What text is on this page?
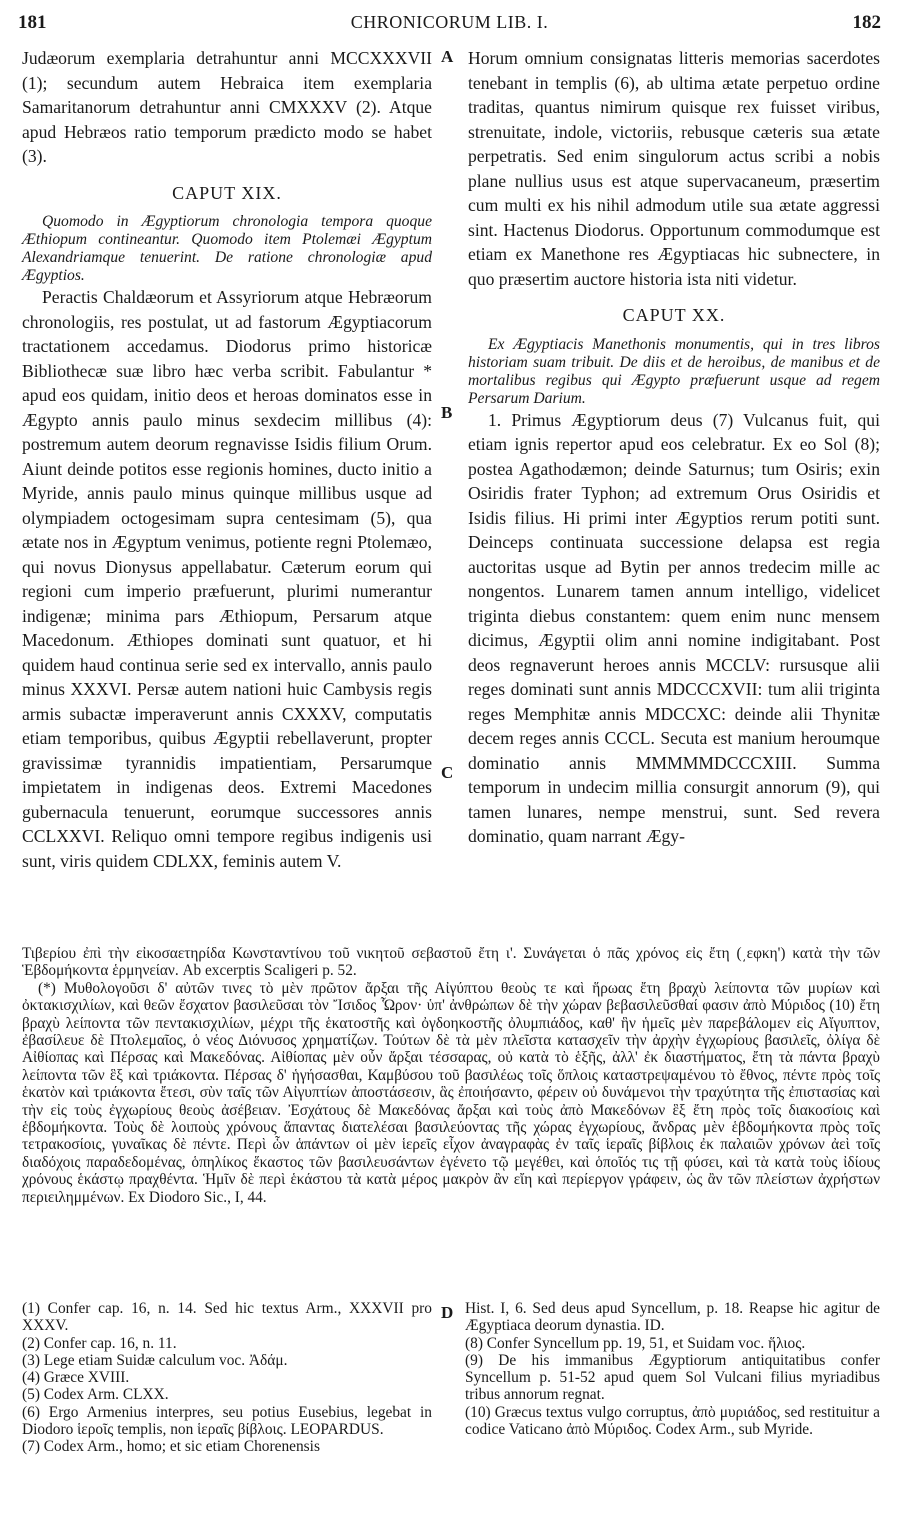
181	CHRONICORUM LIB. I.	182

Judæorum exemplaria detrahuntur anni MCCXXXVII (1); secundum autem Hebraica item exemplaria Samaritanorum detrahuntur anni CMXXXV (2). Atque apud Hebræos ratio temporum prædicto modo se habet (3).

CAPUT XIX.

Quomodo in Ægyptiorum chronologia tempora quoque Æthiopum contineantur. Quomodo item Ptolemæi Ægyptum Alexandriamque tenuerint. De ratione chronologiæ apud Ægyptios.

Peractis Chaldæorum et Assyriorum atque Hebræorum chronologiis, res postulat, ut ad fastorum Ægyptiacorum tractationem accedamus. Diodorus primo historicæ Bibliothecæ suæ libro hæc verba scribit. Fabulantur * apud eos quidam, initio deos et heroas dominatos esse in Ægypto annis paulo minus sexdecim millibus (4): postremum autem deorum regnavisse Isidis filium Orum. Aiunt deinde potitos esse regionis homines, ducto initio a Myride, annis paulo minus quinque millibus usque ad olympiadem octogesimam supra centesimam (5), qua ætate nos in Ægyptum venimus, potiente regni Ptolemæo, qui novus Dionysus appellabatur. Cæterum eorum qui regioni cum imperio præfuerunt, plurimi numerantur indigenæ; minima pars Æthiopum, Persarum atque Macedonum. Æthiopes dominati sunt quatuor, et hi quidem haud continua serie sed ex intervallo, annis paulo minus XXXVI. Persæ autem nationi huic Cambysis regis armis subactæ imperaverunt annis CXXXV, computatis etiam temporibus, quibus Ægyptii rebellaverunt, propter gravissimæ tyrannidis impatientiam, Persarumque impietatem in indigenas deos. Extremi Macedones gubernacula tenuerunt, eorumque successores annis CCLXXVI. Reliquo omni tempore regibus indigenis usi sunt, viris quidem CDLXX, feminis autem V.

A
B
C
D

Horum omnium consignatas litteris memorias sacerdotes tenebant in templis (6), ab ultima ætate perpetuo ordine traditas, quantus nimirum quisque rex fuisset viribus, strenuitate, indole, victoriis, rebusque cæteris sua ætate perpetratis. Sed enim singulorum actus scribi a nobis plane nullius usus est atque supervacaneum, præsertim cum multi ex his nihil admodum utile sua ætate aggressi sint. Hactenus Diodorus. Opportunum commodumque est etiam ex Manethone res Ægyptiacas hic subnectere, in quo præsertim auctore historia ista niti videtur.

CAPUT XX.

Ex Ægyptiacis Manethonis monumentis, qui in tres libros historiam suam tribuit. De diis et de heroibus, de manibus et de mortalibus regibus qui Ægypto præfuerunt usque ad regem Persarum Darium.

1. Primus Ægyptiorum deus (7) Vulcanus fuit, qui etiam ignis repertor apud eos celebratur. Ex eo Sol (8); postea Agathodæmon; deinde Saturnus; tum Osiris; exin Osiridis frater Typhon; ad extremum Orus Osiridis et Isidis filius. Hi primi inter Ægyptios rerum potiti sunt. Deinceps continuata successione delapsa est regia auctoritas usque ad Bytin per annos tredecim mille ac nongentos. Lunarem tamen annum intelligo, videlicet triginta diebus constantem: quem enim nunc mensem dicimus, Ægyptii olim anni nomine indigitabant. Post deos regnaverunt heroes annis MCCLV: rursusque alii reges dominati sunt annis MDCCCXVII: tum alii triginta reges Memphitæ annis MDCCXC: deinde alii Thynitæ decem reges annis CCCL. Secuta est manium heroumque dominatio annis MMMMMDCCCXIII. Summa temporum in undecim millia consurgit annorum (9), qui tamen lunares, nempe menstrui, sunt. Sed revera dominatio, quam narrant Ægy-

Τιβερίου ἐπὶ τὴν εἰκοσαετηρίδα Κωνσταντίνου τοῦ νικητοῦ σεβαστοῦ ἔτη ι'. Συνάγεται ὁ πᾶς χρόνος εἰς ἔτη (͵εφκη') κατὰ τὴν τῶν Ἑβδομήκοντα ἑρμηνείαν. Ab excerptis Scaligeri p. 52.

(*) Μυθολογοῦσι δ' αὐτῶν τινες τὸ μὲν πρῶτον ἄρξαι τῆς Αἰγύπτου θεοὺς τε καὶ ἥρωας ἔτη βραχὺ λείποντα τῶν μυρίων καὶ ὀκτακισχιλίων, καὶ θεῶν ἔσχατον βασιλεῦσαι τὸν Ἴσιδος Ὧρον· ὑπ' ἀνθρώπων δὲ τὴν χώραν βεβασιλεῦσθαί φασιν ἀπὸ Μύριδος (10) ἔτη βραχὺ λείποντα τῶν πεντακισχιλίων, μέχρι τῆς ἑκατοστῆς καὶ ὀγδοηκοστῆς ὀλυμπιάδος, καθ' ἣν ἡμεῖς μὲν παρεβάλομεν εἰς Αἴγυπτον, ἐβασίλευε δὲ Πτολεμαῖος, ὁ νέος Διόνυσος χρηματίζων. Τούτων δὲ τὰ μὲν πλεῖστα κατασχεῖν τὴν ἀρχὴν ἐγχωρίους βασιλεῖς, ὀλίγα δὲ Αἰθίοπας καὶ Πέρσας καὶ Μακεδόνας. Αἰθίοπας μὲν οὖν ἄρξαι τέσσαρας, οὐ κατὰ τὸ ἑξῆς, ἀλλ' ἐκ διαστήματος, ἔτη τὰ πάντα βραχὺ λείποντα τῶν ἓξ καὶ τριάκοντα. Πέρσας δ' ἡγήσασθαι, Καμβύσου τοῦ βασιλέως τοῖς ὅπλοις καταστρεψαμένου τὸ ἔθνος, πέντε πρὸς τοῖς ἑκατὸν καὶ τριάκοντα ἔτεσι, σὺν ταῖς τῶν Αἰγυπτίων ἀποστάσεσιν, ἃς ἐποιήσαντο, φέρειν οὐ δυνάμενοι τὴν τραχύτητα τῆς ἐπιστασίας καὶ τὴν εἰς τοὺς ἐγχωρίους θεοὺς ἀσέβειαν. Ἐσχάτους δὲ Μακεδόνας ἄρξαι καὶ τοὺς ἀπὸ Μακεδόνων ἓξ ἔτη πρὸς τοῖς διακοσίοις καὶ ἑβδομήκοντα. Τοὺς δὲ λοιποὺς χρόνους ἅπαντας διατελέσαι βασιλεύοντας τῆς χώρας ἐγχωρίους, ἄνδρας μὲν ἑβδομήκοντα πρὸς τοῖς τετρακοσίοις, γυναῖκας δὲ πέντε. Περὶ ὧν ἁπάντων οἱ μὲν ἱερεῖς εἶχον ἀναγραφὰς ἐν ταῖς ἱεραῖς βίβλοις ἐκ παλαιῶν χρόνων ἀεὶ τοῖς διαδόχοις παραδεδομένας, ὁπηλίκος ἕκαστος τῶν βασιλευσάντων ἐγένετο τῷ μεγέθει, καὶ ὁποῖός τις τῇ φύσει, καὶ τὰ κατὰ τοὺς ἰδίους χρόνους ἑκάστῳ πραχθέντα. Ἡμῖν δὲ περὶ ἑκάστου τὰ κατὰ μέρος μακρὸν ἂν εἴη καὶ περίεργον γράφειν, ὡς ἂν τῶν πλείστων ἀχρήστων περιειλημμένων. Ex Diodoro Sic., I, 44.

(1) Confer cap. 16, n. 14. Sed hic textus Arm., XXXVII pro XXXV.
(2) Confer cap. 16, n. 11.
(3) Lege etiam Suidæ calculum voc. Ἀδάμ.
(4) Græce XVIII.
(5) Codex Arm. CLXX.
(6) Ergo Armenius interpres, seu potius Eusebius, legebat in Diodoro ἱεροῖς templis, non ἱεραῖς βίβλοις. LEOPARDUS.
(7) Codex Arm., homo; et sic etiam Chorenensis
Hist. I, 6. Sed deus apud Syncellum, p. 18. Reapse hic agitur de Ægyptiaca deorum dynastia. ID.
(8) Confer Syncellum pp. 19, 51, et Suidam voc. ἥλιος.
(9) De his immanibus Ægyptiorum antiquitatibus confer Syncellum p. 51-52 apud quem Sol Vulcani filius myriadibus tribus annorum regnat.
(10) Græcus textus vulgo corruptus, ἀπὸ μυριάδος, sed restituitur a codice Vaticano ἀπὸ Μύριδος. Codex Arm., sub Myride.
